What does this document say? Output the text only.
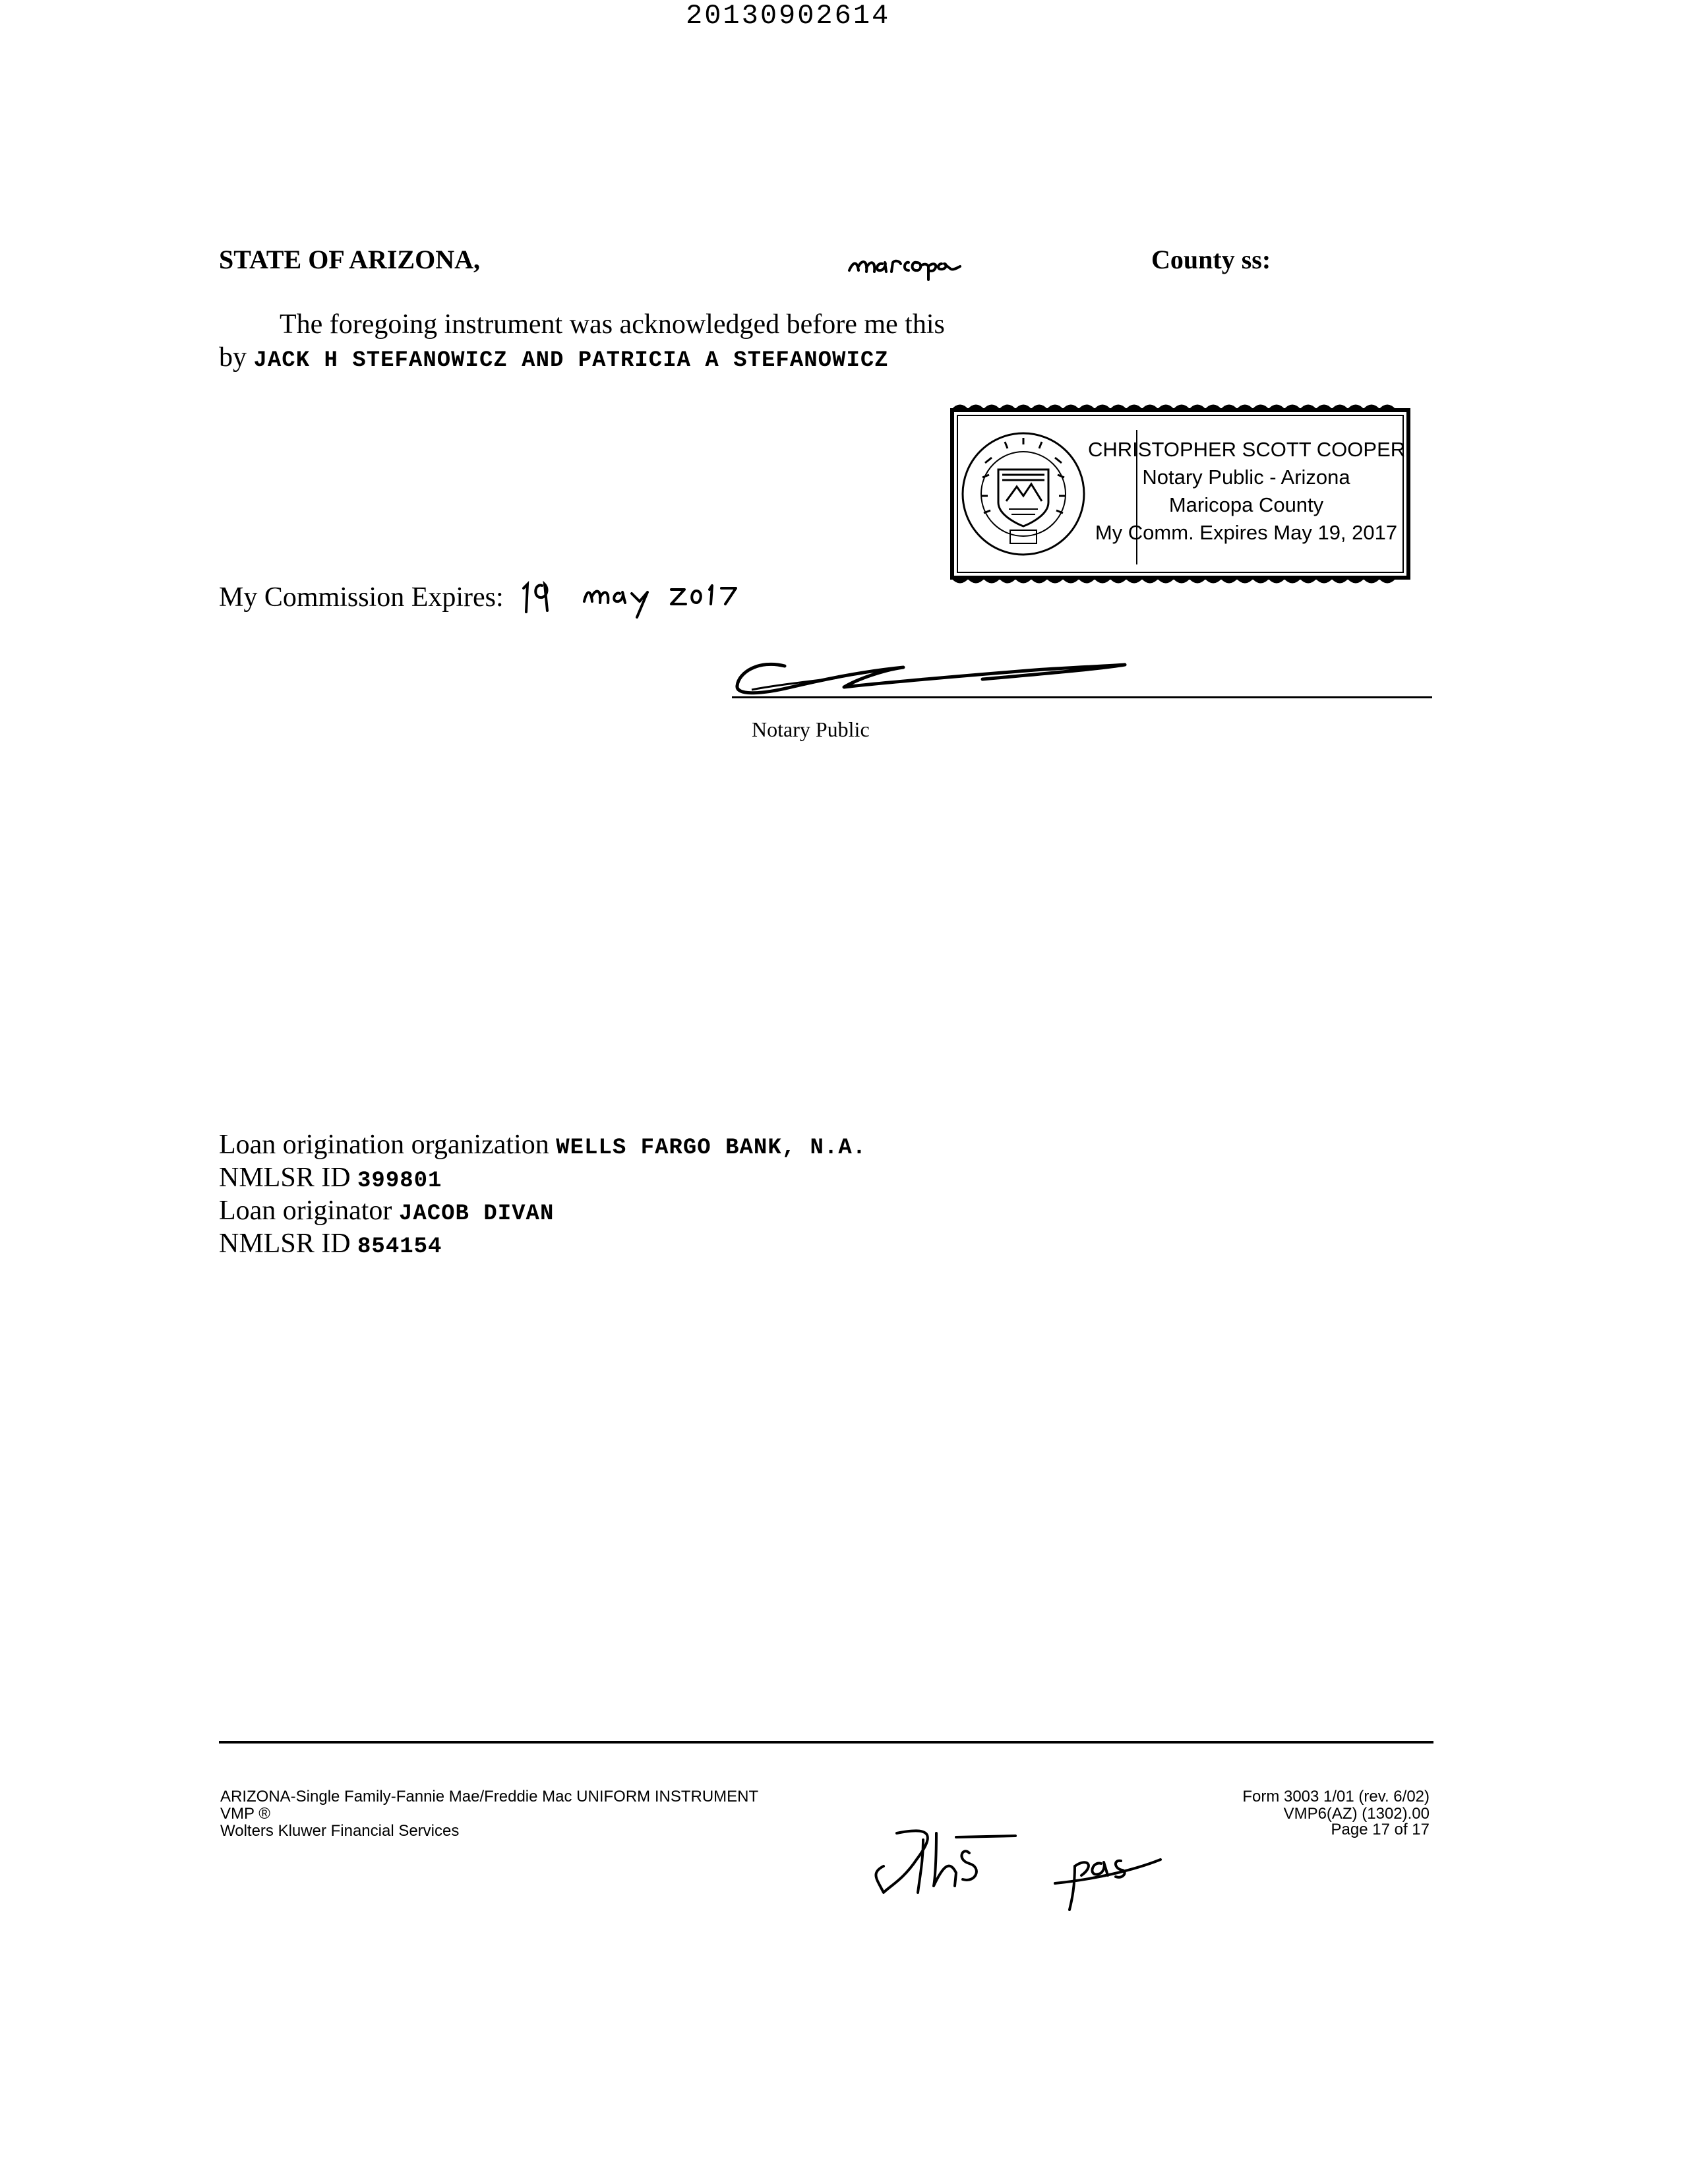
20130902614
STATE OF ARIZONA,	County ss:
The foregoing instrument was acknowledged before me this
by JACK H STEFANOWICZ AND PATRICIA A STEFANOWICZ
CHRISTOPHER SCOTT COOPER
Notary Public - Arizona
Maricopa County
My Comm. Expires May 19, 2017
My Commission Expires:
Notary Public
Loan origination organization WELLS FARGO BANK, N.A.
NMLSR ID 399801
Loan originator JACOB DIVAN
NMLSR ID 854154
ARIZONA-Single Family-Fannie Mae/Freddie Mac UNIFORM INSTRUMENT
VMP ®
Wolters Kluwer Financial Services
Form 3003 1/01 (rev. 6/02)
VMP6(AZ) (1302).00
Page 17 of 17
